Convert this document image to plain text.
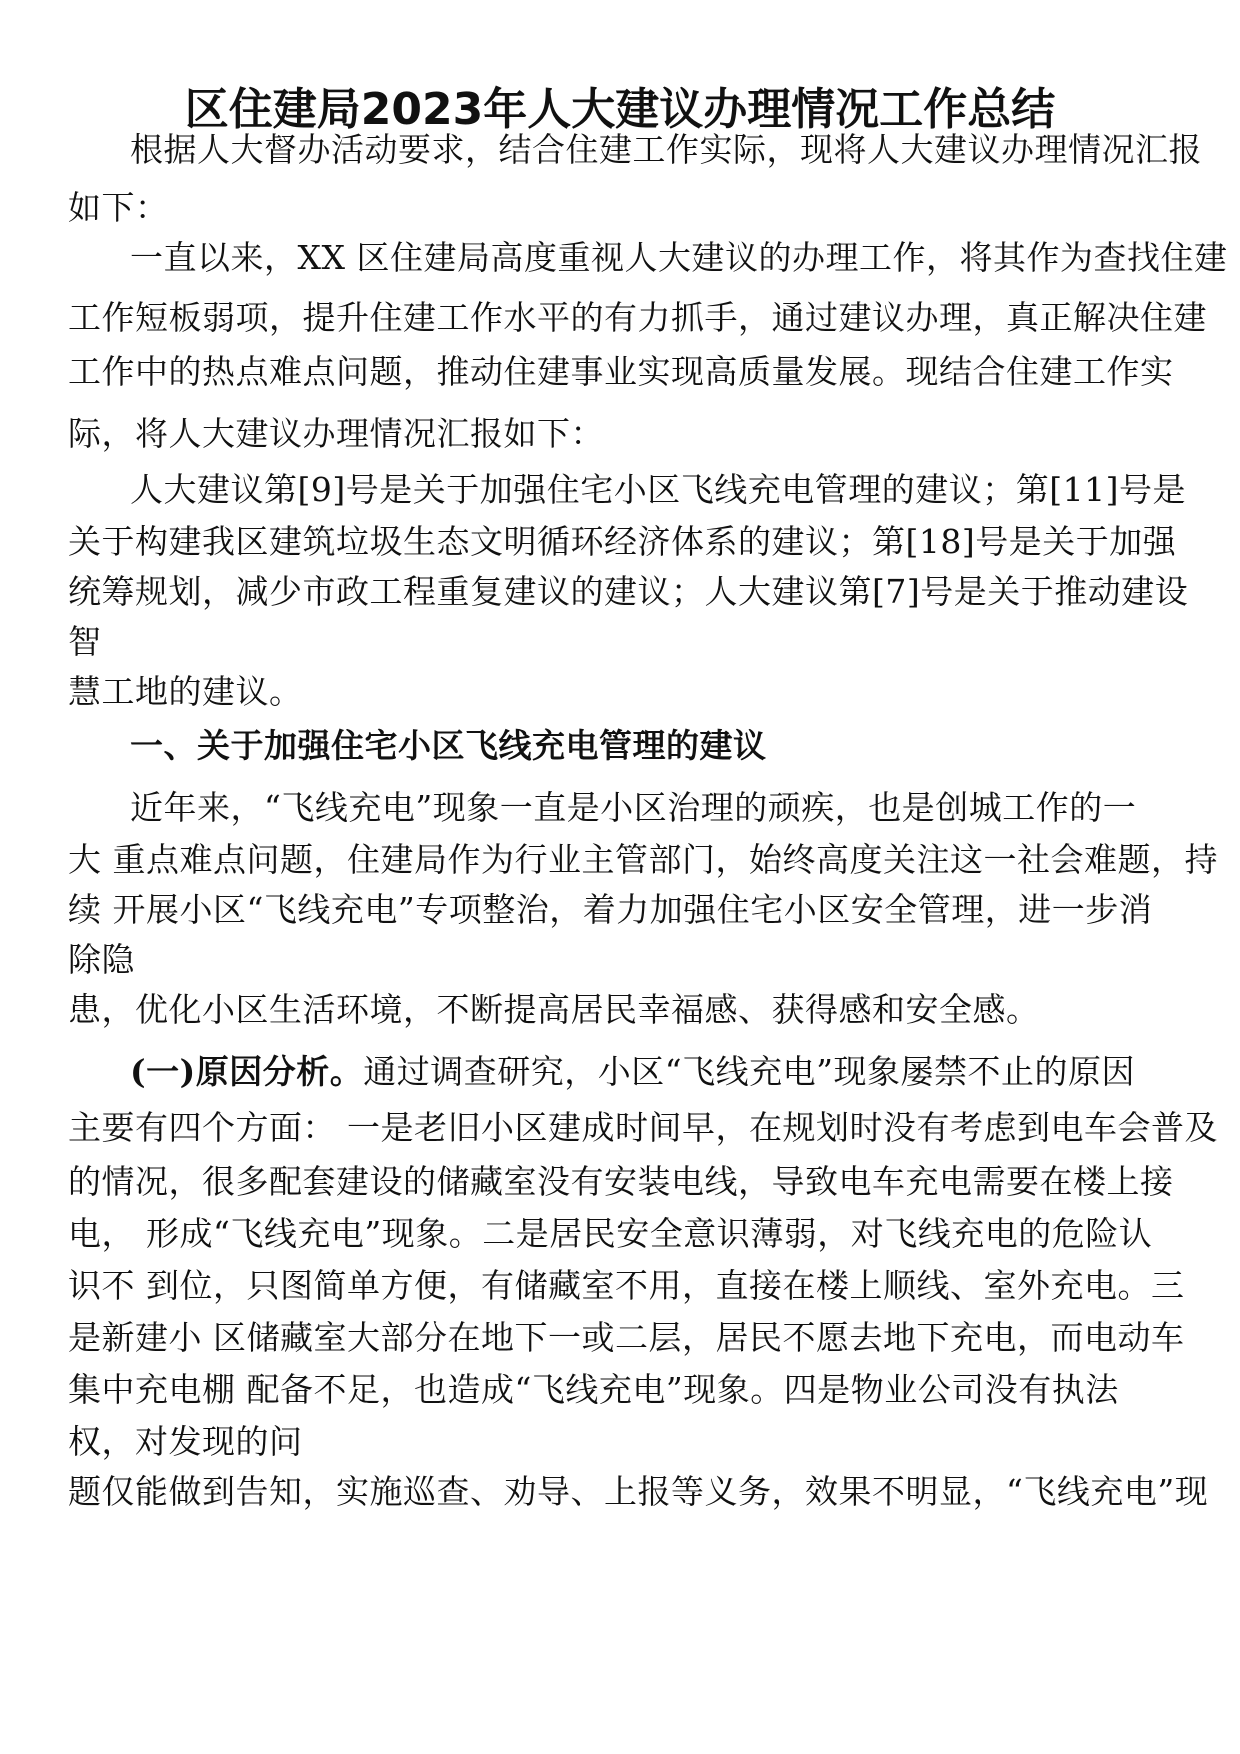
区住建局2023年人大建议办理情况工作总结
根据人大督办活动要求，结合住建工作实际，现将人大建议办理情况汇报
如下：
一直以来，XX 区住建局高度重视人大建议的办理工作，将其作为查找住建
工作短板弱项，提升住建工作水平的有力抓手，通过建议办理，真正解决住建
工作中的热点难点问题，推动住建事业实现高质量发展。现结合住建工作实
际，将人大建议办理情况汇报如下：
人大建议第[9]号是关于加强住宅小区飞线充电管理的建议；第[11]号是
关于构建我区建筑垃圾生态文明循环经济体系的建议；第[18]号是关于加强
统筹规划，减少市政工程重复建议的建议；人大建议第[7]号是关于推动建设
智
慧工地的建议。
一、关于加强住宅小区飞线充电管理的建议
近年来，“飞线充电”现象一直是小区治理的顽疾，也是创城工作的一
大 重点难点问题，住建局作为行业主管部门，始终高度关注这一社会难题，持
续 开展小区“飞线充电”专项整治，着力加强住宅小区安全管理，进一步消
除隐
患，优化小区生活环境，不断提高居民幸福感、获得感和安全感。
(一)原因分析。通过调查研究，小区“飞线充电”现象屡禁不止的原因
主要有四个方面： 一是老旧小区建成时间早，在规划时没有考虑到电车会普及
的情况，很多配套建设的储藏室没有安装电线，导致电车充电需要在楼上接
电， 形成“飞线充电”现象。二是居民安全意识薄弱，对飞线充电的危险认
识不 到位，只图简单方便，有储藏室不用，直接在楼上顺线、室外充电。三
是新建小 区储藏室大部分在地下一或二层，居民不愿去地下充电，而电动车
集中充电棚 配备不足，也造成“飞线充电”现象。四是物业公司没有执法
权，对发现的问
题仅能做到告知，实施巡查、劝导、上报等义务，效果不明显，“飞线充电”现
